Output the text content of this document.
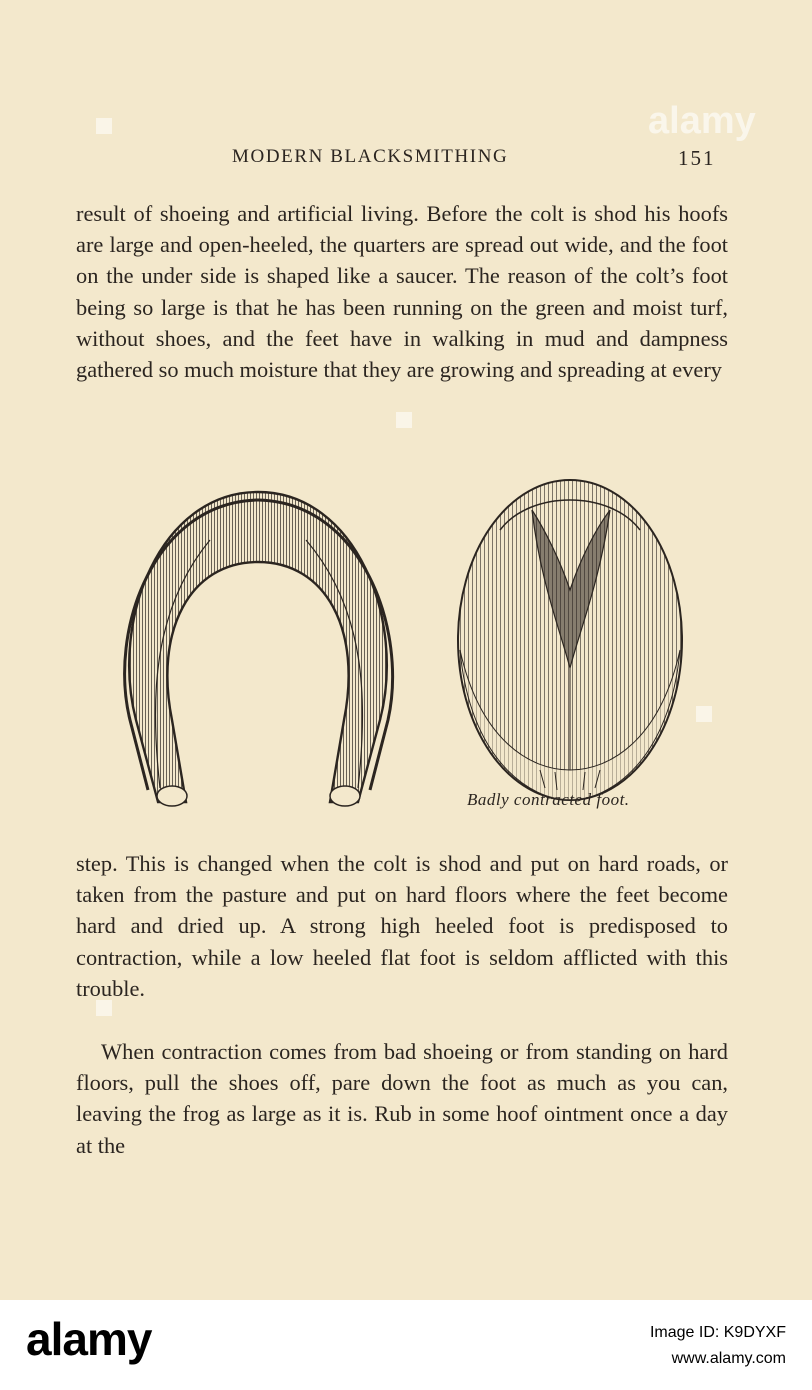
alamy
MODERN BLACKSMITHING	151

result of shoeing and artificial living. Before the colt is shod his hoofs are large and open-heeled, the quarters are spread out wide, and the foot on the under side is shaped like a saucer. The reason of the colt’s foot being so large is that he has been running on the green and moist turf, without shoes, and the feet have in walking in mud and dampness gathered so much moisture that they are growing and spreading at every

Badly contracted foot.

step. This is changed when the colt is shod and put on hard roads, or taken from the pasture and put on hard floors where the feet become hard and dried up. A strong high heeled foot is predisposed to contraction, while a low heeled flat foot is seldom afflicted with this trouble.

When contraction comes from bad shoeing or from standing on hard floors, pull the shoes off, pare down the foot as much as you can, leaving the frog as large as it is. Rub in some hoof ointment once a day at the

alamy	Image ID: K9DYXF
www.alamy.com
